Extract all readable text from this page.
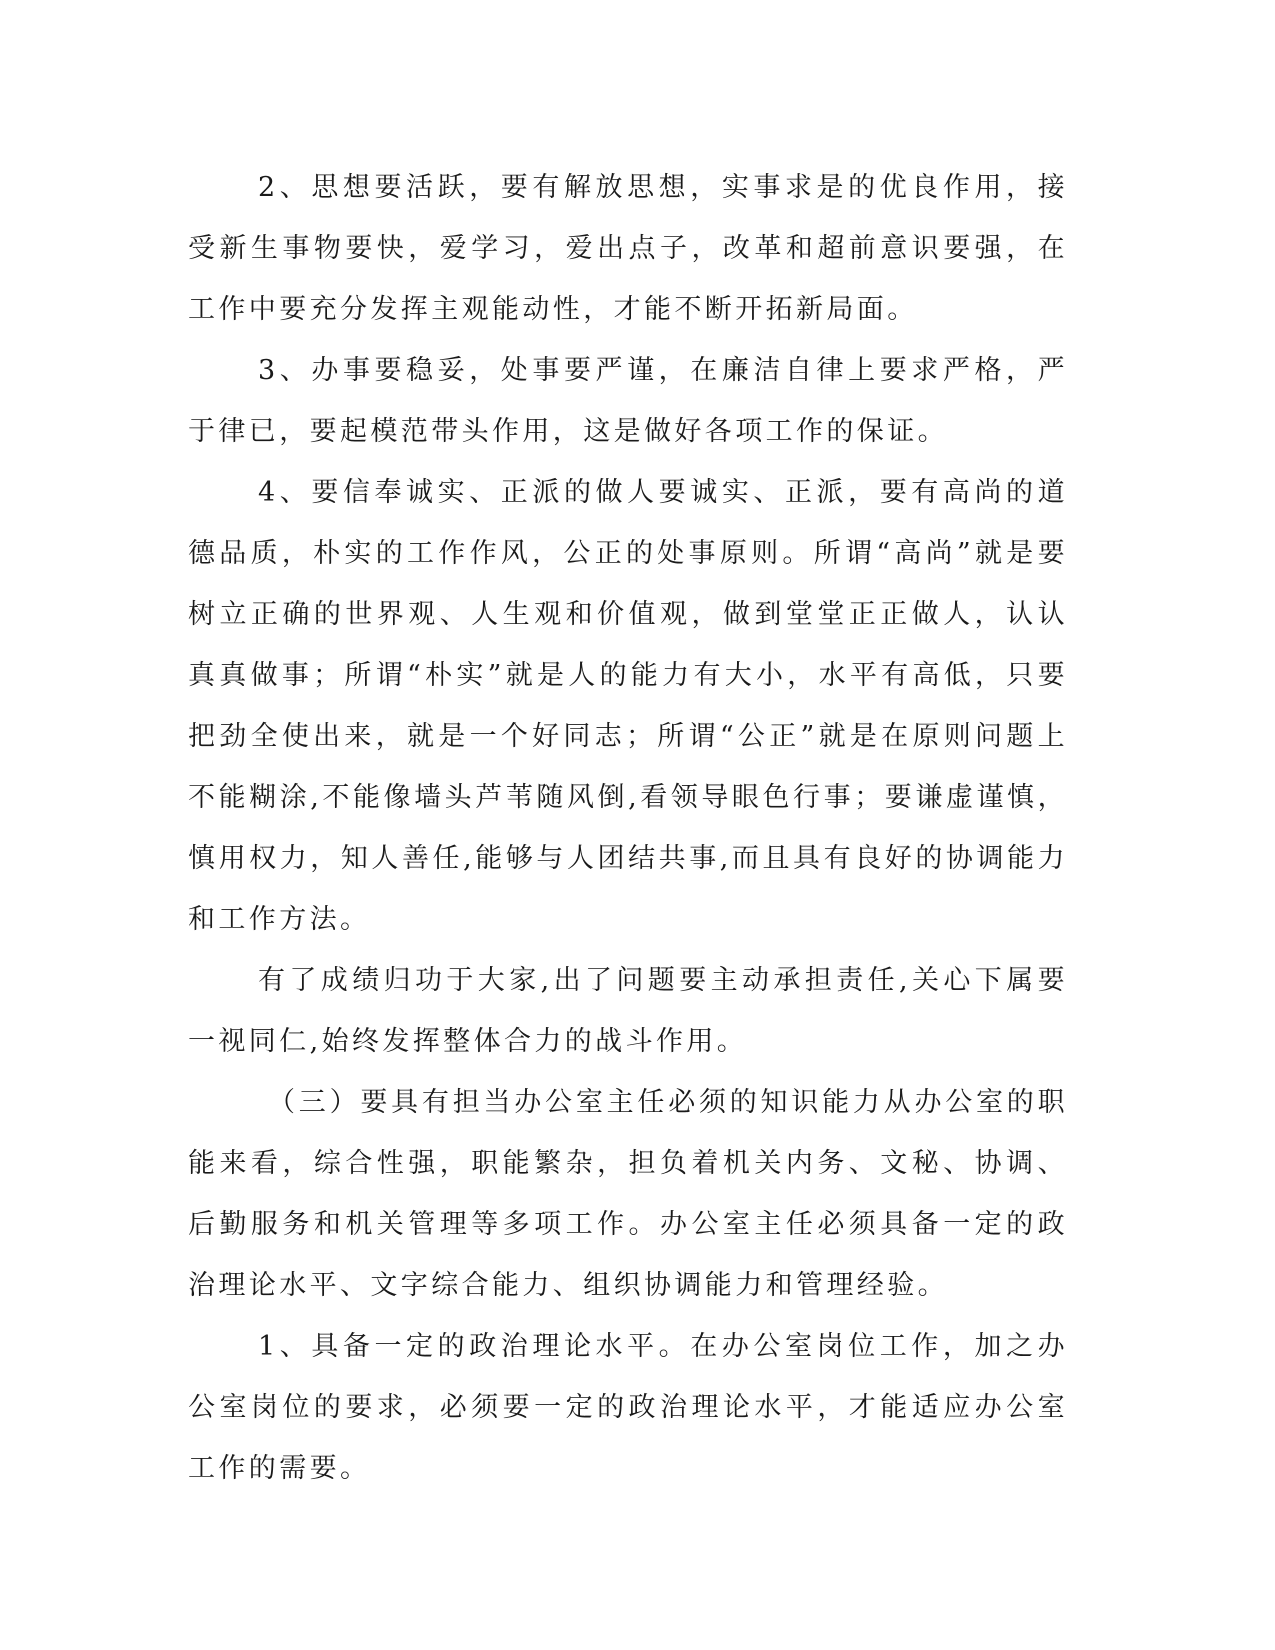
2、思想要活跃，要有解放思想，实事求是的优良作用，接受新生事物要快，爱学习，爱出点子，改革和超前意识要强，在工作中要充分发挥主观能动性，才能不断开拓新局面。

3、办事要稳妥，处事要严谨，在廉洁自律上要求严格，严于律已，要起模范带头作用，这是做好各项工作的保证。

4、要信奉诚实、正派的做人要诚实、正派，要有高尚的道德品质，朴实的工作作风，公正的处事原则。所谓“高尚”就是要树立正确的世界观、人生观和价值观，做到堂堂正正做人，认认真真做事；所谓“朴实”就是人的能力有大小，水平有高低，只要把劲全使出来，就是一个好同志；所谓“公正”就是在原则问题上不能糊涂,不能像墙头芦苇随风倒,看领导眼色行事；要谦虚谨慎，慎用权力，知人善任,能够与人团结共事,而且具有良好的协调能力和工作方法。

有了成绩归功于大家,出了问题要主动承担责任,关心下属要一视同仁,始终发挥整体合力的战斗作用。

（三）要具有担当办公室主任必须的知识能力从办公室的职能来看，综合性强，职能繁杂，担负着机关内务、文秘、协调、后勤服务和机关管理等多项工作。办公室主任必须具备一定的政治理论水平、文字综合能力、组织协调能力和管理经验。

1、具备一定的政治理论水平。在办公室岗位工作，加之办公室岗位的要求，必须要一定的政治理论水平，才能适应办公室工作的需要。
